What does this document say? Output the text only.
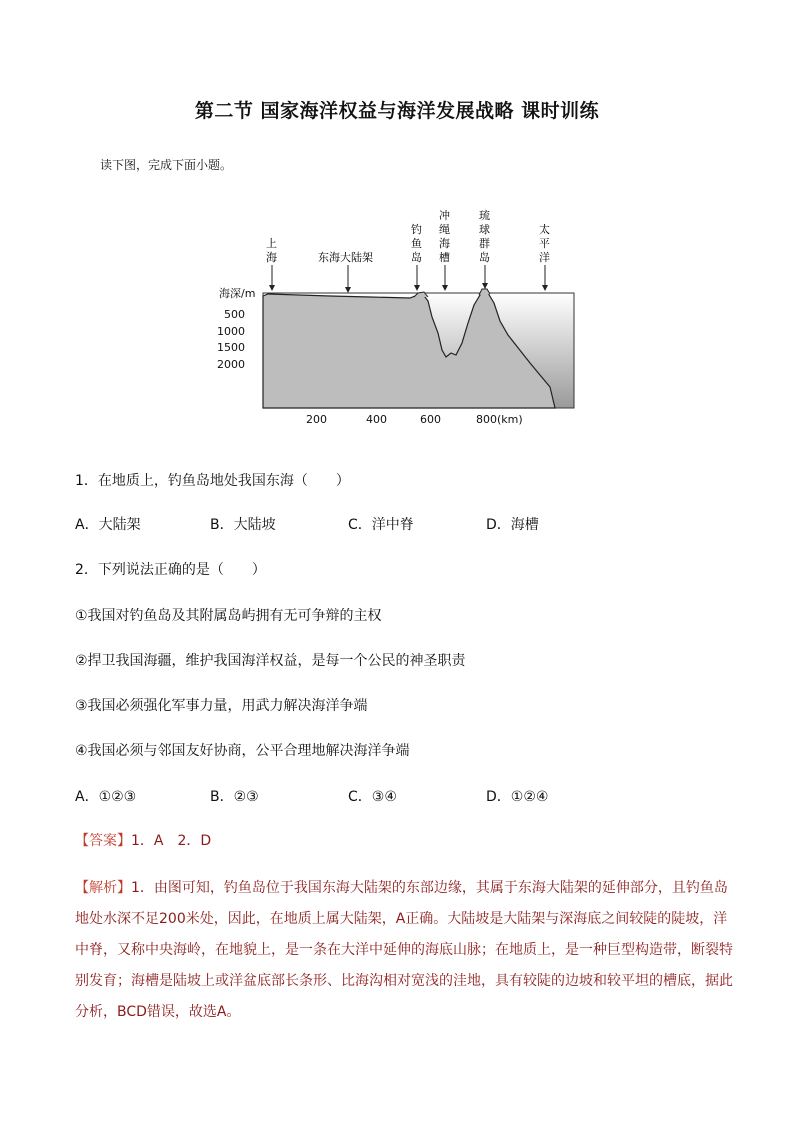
第二节 国家海洋权益与海洋发展战略 课时训练
读下图，完成下面小题。
海深/m
500
1000
1500
2000
200	400	600	800(km)
上
海	东海大陆架
钓
鱼
岛
冲
绳
海
槽
琉
球
群
岛
太
平
洋
1．在地质上，钓鱼岛地处我国东海（　　）
A．大陆架	B．大陆坡	C．洋中脊	D．海槽
2．下列说法正确的是（　　）
①我国对钓鱼岛及其附属岛屿拥有无可争辩的主权
②捍卫我国海疆，维护我国海洋权益，是每一个公民的神圣职责
③我国必须强化军事力量，用武力解决海洋争端
④我国必须与邻国友好协商，公平合理地解决海洋争端
A．①②③	B．②③	C．③④	D．①②④
【答案】1．A　2．D
【解析】1．由图可知，钓鱼岛位于我国东海大陆架的东部边缘，其属于东海大陆架的延伸部分，且钓鱼岛地处水深不足200米处，因此，在地质上属大陆架，A正确。大陆坡是大陆架与深海底之间较陡的陡坡，洋中脊，又称中央海岭，在地貌上，是一条在大洋中延伸的海底山脉；在地质上，是一种巨型构造带，断裂特别发育；海槽是陆坡上或洋盆底部长条形、比海沟相对宽浅的洼地，具有较陡的边坡和较平坦的槽底，据此分析，BCD错误，故选A。
